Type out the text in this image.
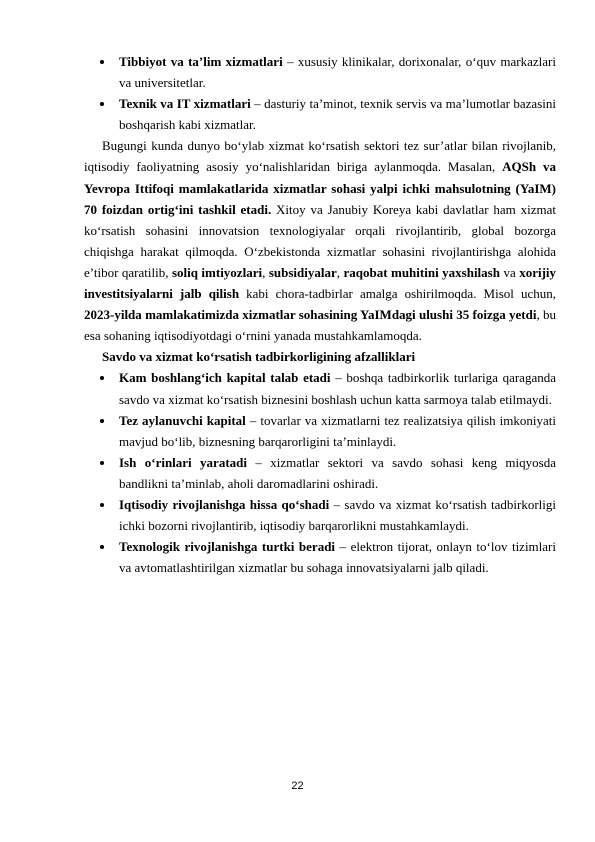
Tibbiyot va ta’lim xizmatlari – xususiy klinikalar, dorixonalar, o‘quv markazlari va universitetlar.
Texnik va IT xizmatlari – dasturiy ta’minot, texnik servis va ma’lumotlar bazasini boshqarish kabi xizmatlar.

Bugungi kunda dunyo bo‘ylab xizmat ko‘rsatish sektori tez sur’atlar bilan rivojlanib, iqtisodiy faoliyatning asosiy yo‘nalishlaridan biriga aylanmoqda. Masalan, AQSh va Yevropa Ittifoqi mamlakatlarida xizmatlar sohasi yalpi ichki mahsulotning (YaIM) 70 foizdan ortig‘ini tashkil etadi. Xitoy va Janubiy Koreya kabi davlatlar ham xizmat ko‘rsatish sohasini innovatsion texnologiyalar orqali rivojlantirib, global bozorga chiqishga harakat qilmoqda. O‘zbekistonda xizmatlar sohasini rivojlantirishga alohida e’tibor qaratilib, soliq imtiyozlari, subsidiyalar, raqobat muhitini yaxshilash va xorijiy investitsiyalarni jalb qilish kabi chora-tadbirlar amalga oshirilmoqda. Misol uchun, 2023-yilda mamlakatimizda xizmatlar sohasining YaIMdagi ulushi 35 foizga yetdi, bu esa sohaning iqtisodiyotdagi o‘rnini yanada mustahkamlamoqda.

Savdo va xizmat ko‘rsatish tadbirkorligining afzalliklari

Kam boshlang‘ich kapital talab etadi – boshqa tadbirkorlik turlariga qaraganda savdo va xizmat ko‘rsatish biznesini boshlash uchun katta sarmoya talab etilmaydi.
Tez aylanuvchi kapital – tovarlar va xizmatlarni tez realizatsiya qilish imkoniyati mavjud bo‘lib, biznesning barqarorligini ta’minlaydi.
Ish o‘rinlari yaratadi – xizmatlar sektori va savdo sohasi keng miqyosda bandlikni ta’minlab, aholi daromadlarini oshiradi.
Iqtisodiy rivojlanishga hissa qo‘shadi – savdo va xizmat ko‘rsatish tadbirkorligi ichki bozorni rivojlantirib, iqtisodiy barqarorlikni mustahkamlaydi.
Texnologik rivojlanishga turtki beradi – elektron tijorat, onlayn to‘lov tizimlari va avtomatlashtirilgan xizmatlar bu sohaga innovatsiyalarni jalb qiladi.
22
